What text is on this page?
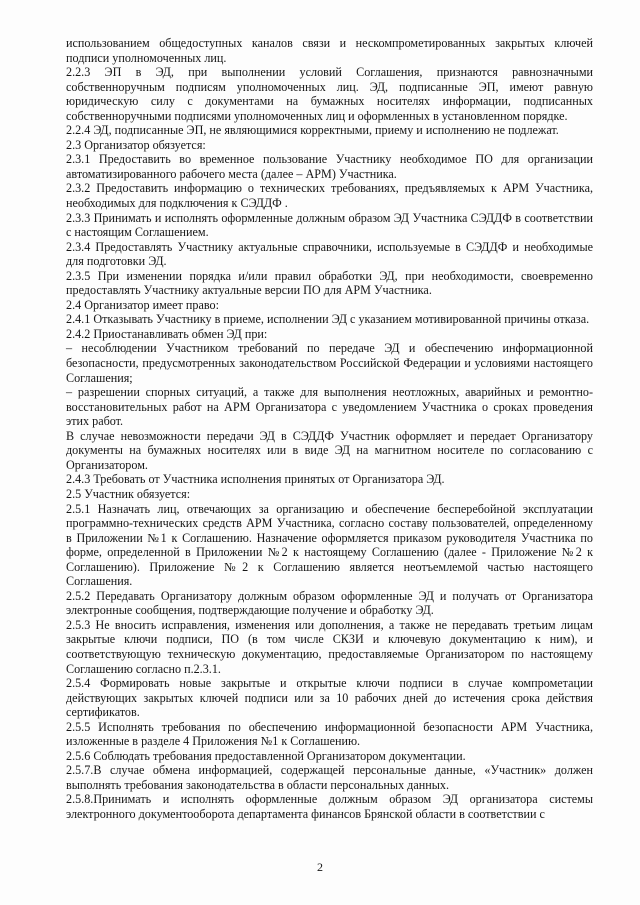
использованием общедоступных каналов связи и нескомпрометированных закрытых ключей подписи уполномоченных лиц.

2.2.3 ЭП в ЭД, при выполнении условий Соглашения, признаются равнозначными собственноручным подписям уполномоченных лиц. ЭД, подписанные ЭП, имеют равную юридическую силу с документами на бумажных носителях информации, подписанных собственноручными подписями уполномоченных лиц и оформленных в установленном порядке.

2.2.4 ЭД, подписанные ЭП, не являющимися корректными, приему и исполнению не подлежат.

2.3 Организатор обязуется:

2.3.1 Предоставить во временное пользование Участнику необходимое ПО для организации автоматизированного рабочего места (далее – АРМ) Участника.

2.3.2 Предоставить информацию о технических требованиях, предъявляемых к АРМ Участника, необходимых для подключения к СЭДДФ .

2.3.3 Принимать и исполнять оформленные должным образом ЭД Участника СЭДДФ в соответствии с настоящим Соглашением.

2.3.4 Предоставлять Участнику актуальные справочники, используемые в СЭДДФ и необходимые для подготовки ЭД.

2.3.5 При изменении порядка и/или правил обработки ЭД, при необходимости, своевременно предоставлять Участнику актуальные версии ПО для АРМ Участника.

2.4 Организатор имеет право:

2.4.1 Отказывать Участнику в приеме, исполнении ЭД с указанием мотивированной причины отказа.

2.4.2 Приостанавливать обмен ЭД при:

– несоблюдении Участником требований по передаче ЭД и обеспечению информационной безопасности, предусмотренных законодательством Российской Федерации и условиями настоящего Соглашения;

– разрешении спорных ситуаций, а также для выполнения неотложных, аварийных и ремонтно-восстановительных работ на АРМ Организатора с уведомлением Участника о сроках проведения этих работ.

В случае невозможности передачи ЭД в СЭДДФ Участник оформляет и передает Организатору документы на бумажных носителях или в виде ЭД на магнитном носителе по согласованию с Организатором.

2.4.3 Требовать от Участника исполнения принятых от Организатора ЭД.

2.5 Участник обязуется:

2.5.1 Назначать лиц, отвечающих за организацию и обеспечение бесперебойной эксплуатации программно-технических средств АРМ Участника, согласно составу пользователей, определенному в Приложении №1 к Соглашению. Назначение оформляется приказом руководителя Участника по форме, определенной в Приложении №2 к настоящему Соглашению (далее - Приложение №2 к Соглашению). Приложение №2 к Соглашению является неотъемлемой частью настоящего Соглашения.

2.5.2 Передавать Организатору должным образом оформленные ЭД и получать от Организатора электронные сообщения, подтверждающие получение и обработку ЭД.

2.5.3 Не вносить исправления, изменения или дополнения, а также не передавать третьим лицам закрытые ключи подписи, ПО (в том числе СКЗИ и ключевую документацию к ним), и соответствующую техническую документацию, предоставляемые Организатором по настоящему Соглашению согласно п.2.3.1.

2.5.4 Формировать новые закрытые и открытые ключи подписи в случае компрометации действующих закрытых ключей подписи или за 10 рабочих дней до истечения срока действия сертификатов.

2.5.5 Исполнять требования по обеспечению информационной безопасности АРМ Участника, изложенные в разделе 4 Приложения №1 к Соглашению.

2.5.6 Соблюдать требования предоставленной Организатором документации.

2.5.7.В случае обмена информацией, содержащей персональные данные, «Участник» должен выполнять требования законодательства в области персональных данных.

2.5.8.Принимать и исполнять оформленные должным образом ЭД организатора системы электронного документооборота департамента финансов Брянской области в соответствии с

2
